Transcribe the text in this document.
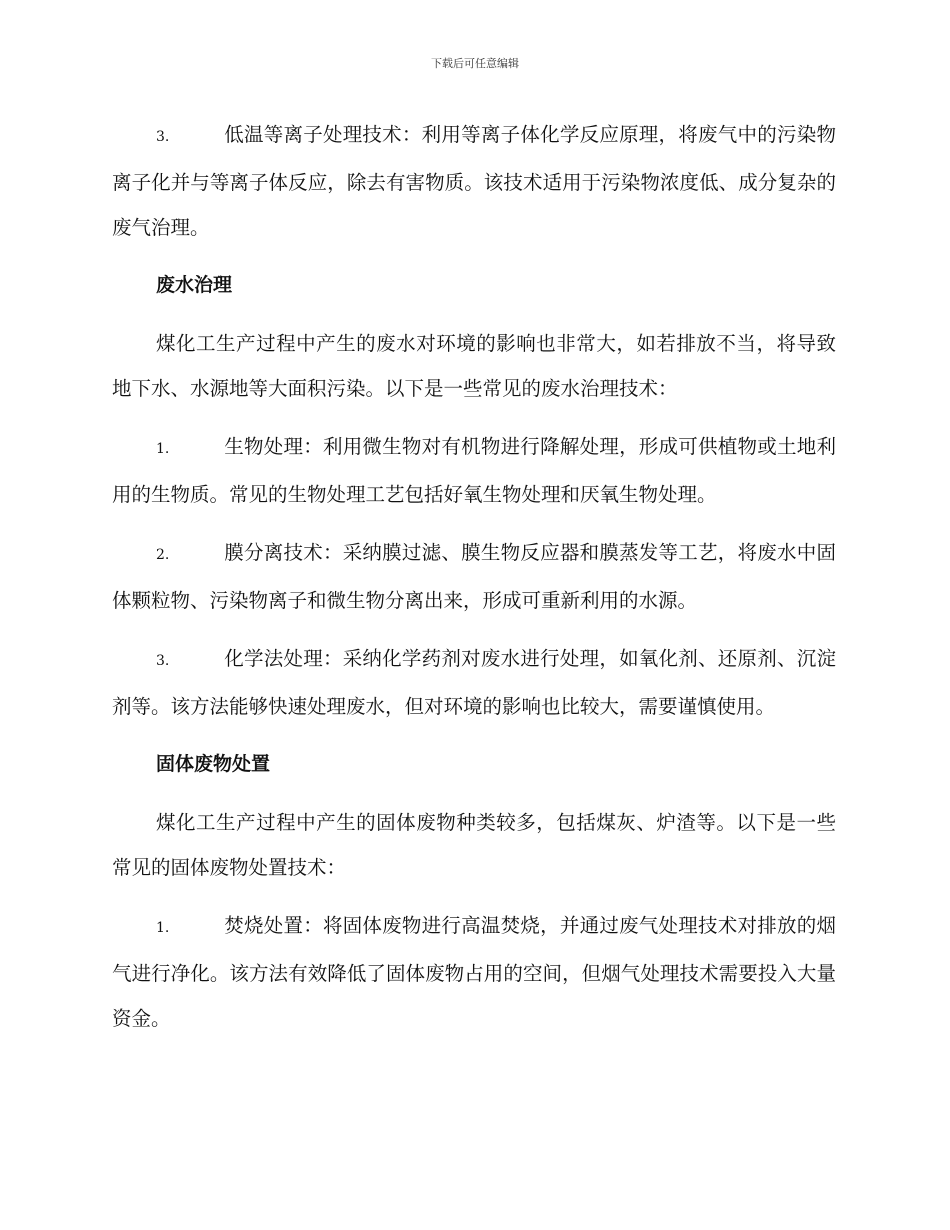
下载后可任意编辑

3.	低温等离子处理技术：利用等离子体化学反应原理，将废气中的污染物离子化并与等离子体反应，除去有害物质。该技术适用于污染物浓度低、成分复杂的废气治理。

废水治理

煤化工生产过程中产生的废水对环境的影响也非常大，如若排放不当，将导致地下水、水源地等大面积污染。以下是一些常见的废水治理技术：

1.	生物处理：利用微生物对有机物进行降解处理，形成可供植物或土地利用的生物质。常见的生物处理工艺包括好氧生物处理和厌氧生物处理。

2.	膜分离技术：采纳膜过滤、膜生物反应器和膜蒸发等工艺，将废水中固体颗粒物、污染物离子和微生物分离出来，形成可重新利用的水源。

3.	化学法处理：采纳化学药剂对废水进行处理，如氧化剂、还原剂、沉淀剂等。该方法能够快速处理废水，但对环境的影响也比较大，需要谨慎使用。

固体废物处置

煤化工生产过程中产生的固体废物种类较多，包括煤灰、炉渣等。以下是一些常见的固体废物处置技术：

1.	焚烧处置：将固体废物进行高温焚烧，并通过废气处理技术对排放的烟气进行净化。该方法有效降低了固体废物占用的空间，但烟气处理技术需要投入大量资金。
